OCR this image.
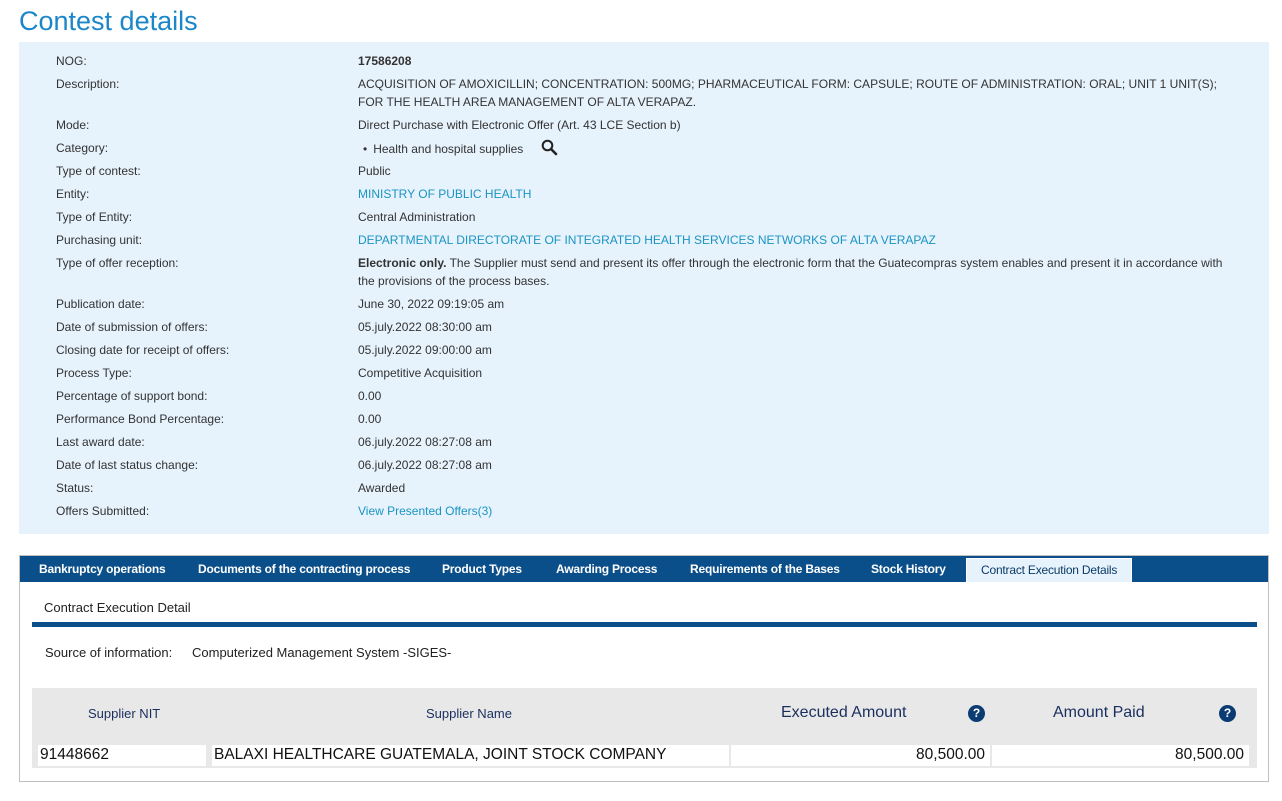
Contest details
NOG:	17586208
Description:	ACQUISITION OF AMOXICILLIN; CONCENTRATION: 500MG; PHARMACEUTICAL FORM: CAPSULE; ROUTE OF ADMINISTRATION: ORAL; UNIT 1 UNIT(S);
FOR THE HEALTH AREA MANAGEMENT OF ALTA VERAPAZ.
Mode:	Direct Purchase with Electronic Offer (Art. 43 LCE Section b)
Category:	• Health and hospital supplies
Type of contest:	Public
Entity:	MINISTRY OF PUBLIC HEALTH
Type of Entity:	Central Administration
Purchasing unit:	DEPARTMENTAL DIRECTORATE OF INTEGRATED HEALTH SERVICES NETWORKS OF ALTA VERAPAZ
Type of offer reception:	Electronic only. The Supplier must send and present its offer through the electronic form that the Guatecompras system enables and present it in accordance with
the provisions of the process bases.
Publication date:	June 30, 2022 09:19:05 am
Date of submission of offers:	05.july.2022 08:30:00 am
Closing date for receipt of offers:	05.july.2022 09:00:00 am
Process Type:	Competitive Acquisition
Percentage of support bond:	0.00
Performance Bond Percentage:	0.00
Last award date:	06.july.2022 08:27:08 am
Date of last status change:	06.july.2022 08:27:08 am
Status:	Awarded
Offers Submitted:	View Presented Offers(3)
Bankruptcy operations	Documents of the contracting process	Product Types	Awarding Process	Requirements of the Bases	Stock History	Contract Execution Details
Contract Execution Detail
Source of information: Computerized Management System -SIGES-
Supplier NIT	Supplier Name	Executed Amount	?	Amount Paid	?
91448662	BALAXI HEALTHCARE GUATEMALA, JOINT STOCK COMPANY	80,500.00	80,500.00
